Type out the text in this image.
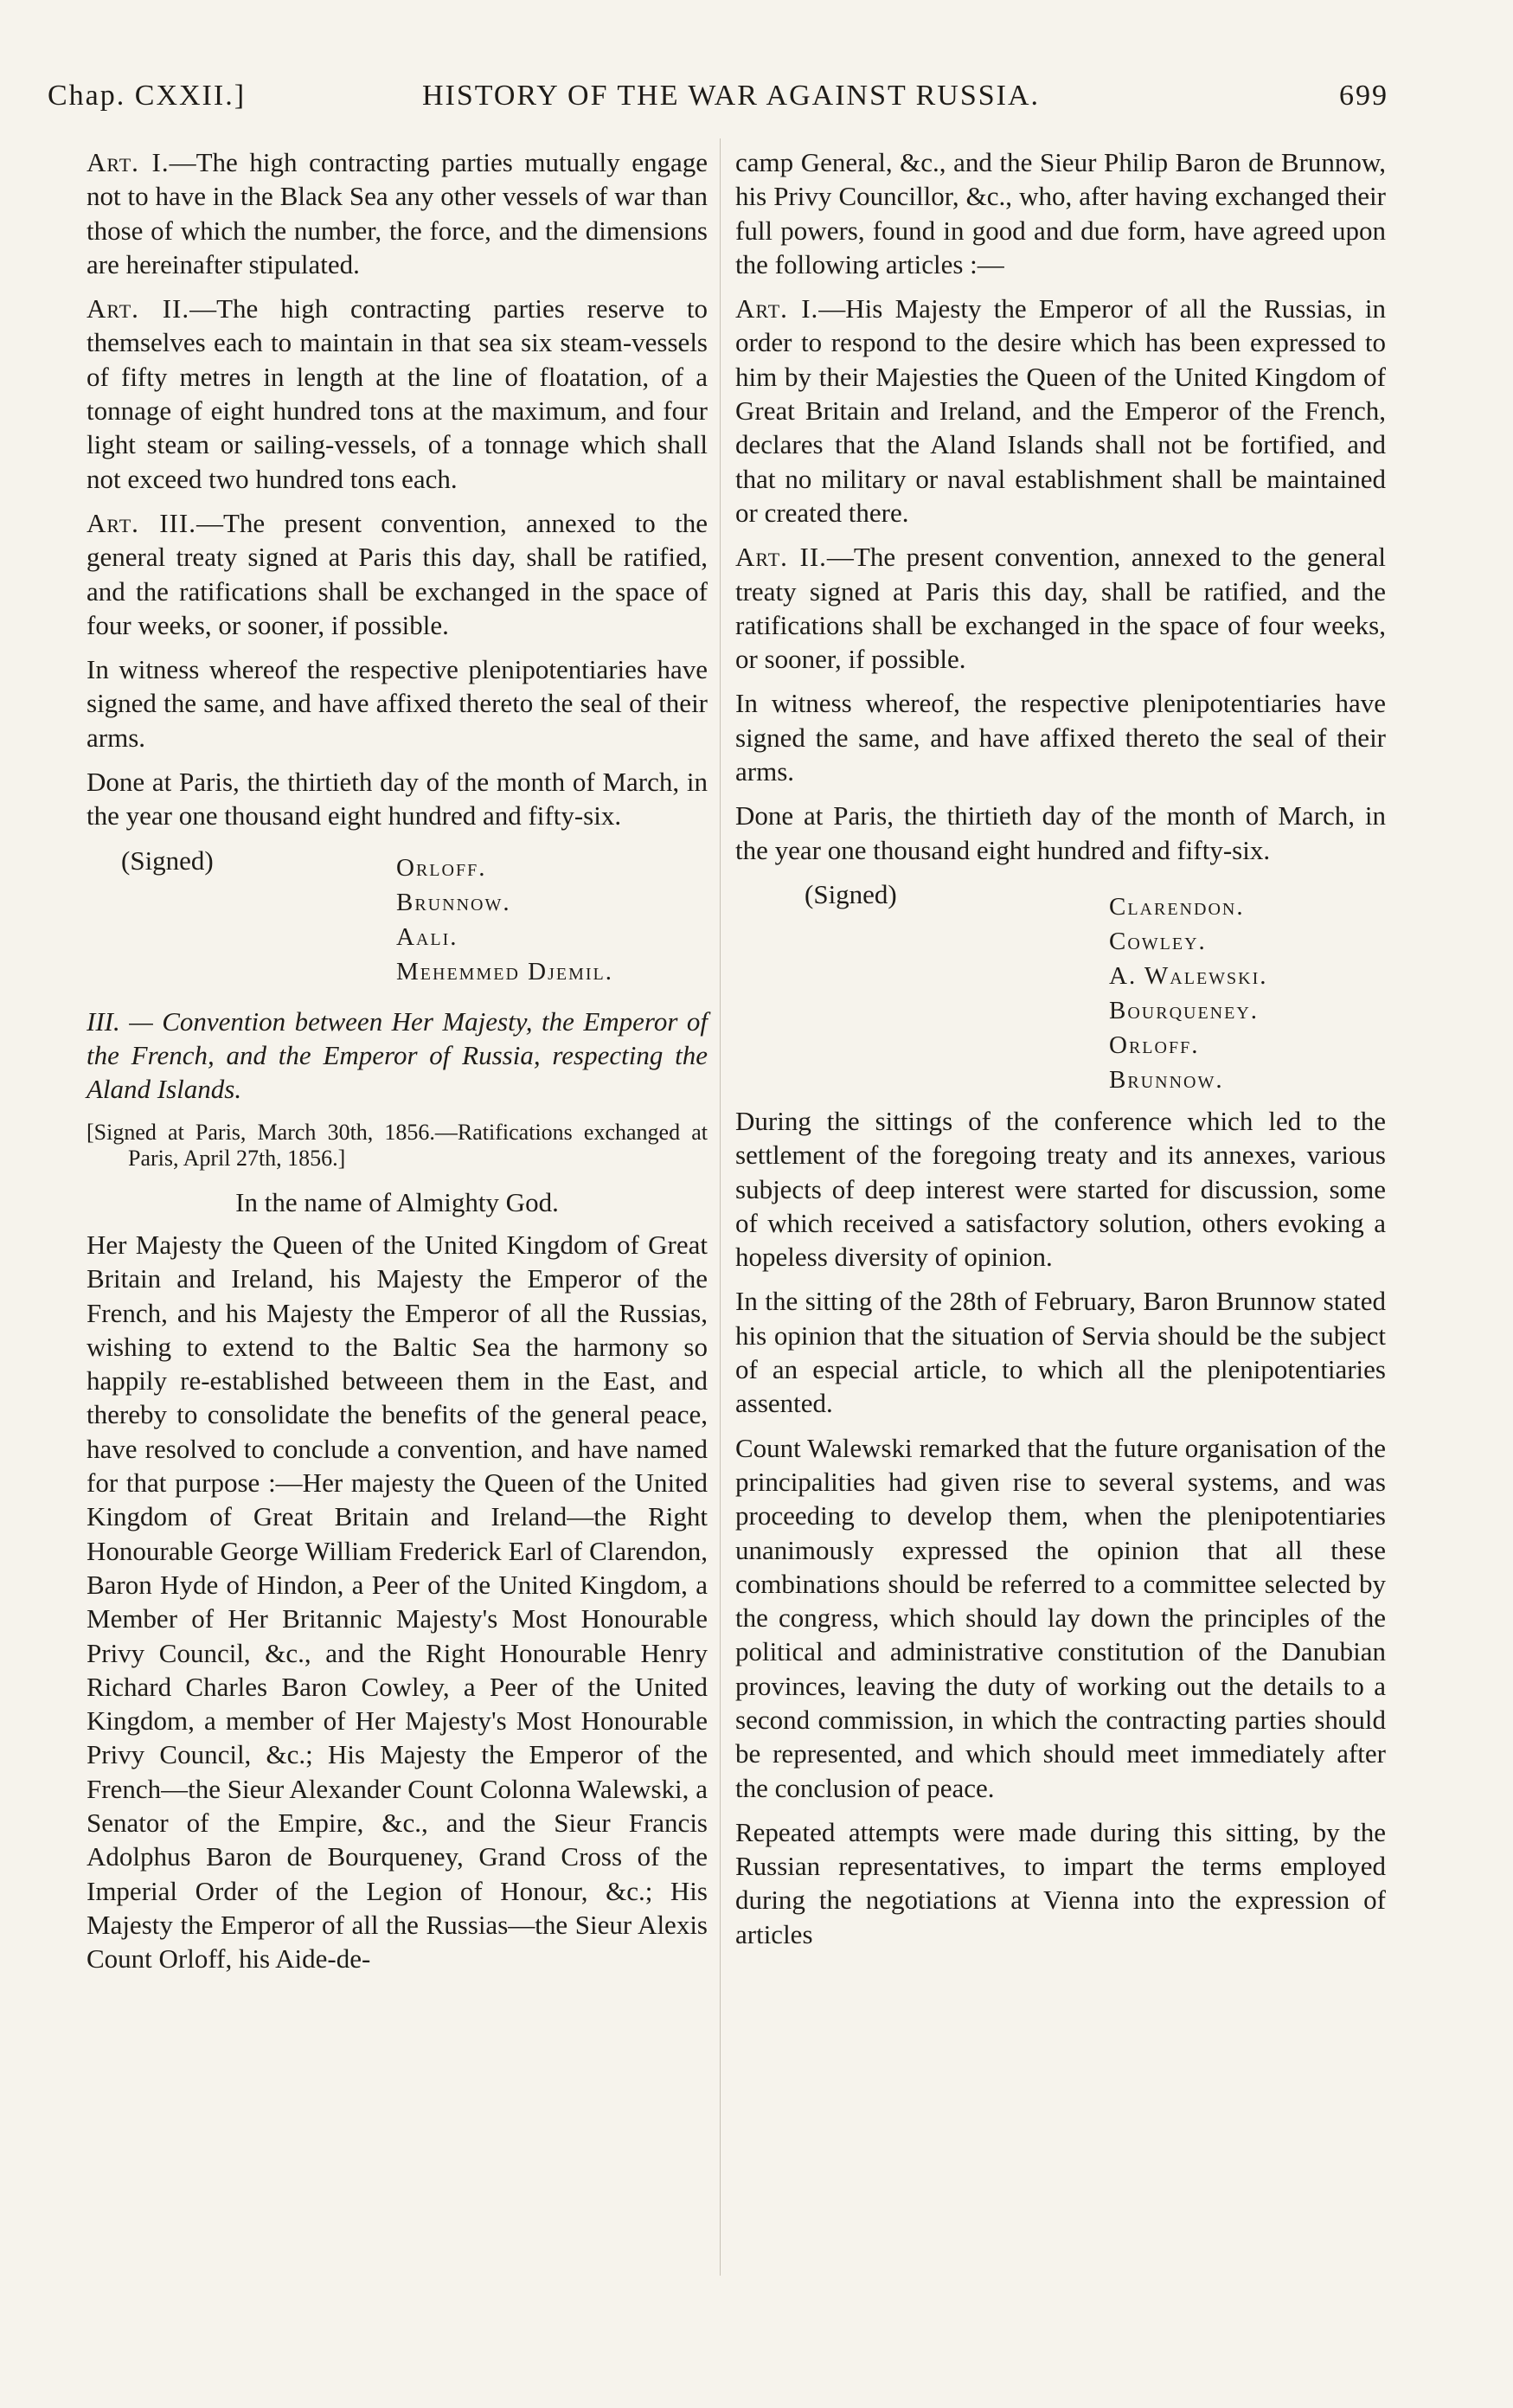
Chap. CXXII.]	HISTORY OF THE WAR AGAINST RUSSIA.	699

Art. I.—The high contracting parties mutually engage not to have in the Black Sea any other vessels of war than those of which the number, the force, and the dimensions are hereinafter stipulated.

Art. II.—The high contracting parties reserve to themselves each to maintain in that sea six steam-vessels of fifty metres in length at the line of floatation, of a tonnage of eight hundred tons at the maximum, and four light steam or sailing-vessels, of a tonnage which shall not exceed two hundred tons each.

Art. III.—The present convention, annexed to the general treaty signed at Paris this day, shall be ratified, and the ratifications shall be exchanged in the space of four weeks, or sooner, if possible.

In witness whereof the respective plenipotentiaries have signed the same, and have affixed thereto the seal of their arms.

Done at Paris, the thirtieth day of the month of March, in the year one thousand eight hundred and fifty-six.

(Signed)	Orloff.
Brunnow.
Aali.
Mehemmed Djemil.

III. — Convention between Her Majesty, the Emperor of the French, and the Emperor of Russia, respecting the Aland Islands.

[Signed at Paris, March 30th, 1856.—Ratifications exchanged at Paris, April 27th, 1856.]

In the name of Almighty God.

Her Majesty the Queen of the United Kingdom of Great Britain and Ireland, his Majesty the Emperor of the French, and his Majesty the Emperor of all the Russias, wishing to extend to the Baltic Sea the harmony so happily re-established betweeen them in the East, and thereby to consolidate the benefits of the general peace, have resolved to conclude a convention, and have named for that purpose :—Her majesty the Queen of the United Kingdom of Great Britain and Ireland—the Right Honourable George William Frederick Earl of Clarendon, Baron Hyde of Hindon, a Peer of the United Kingdom, a Member of Her Britannic Majesty's Most Honourable Privy Council, &c., and the Right Honourable Henry Richard Charles Baron Cowley, a Peer of the United Kingdom, a member of Her Majesty's Most Honourable Privy Council, &c.; His Majesty the Emperor of the French—the Sieur Alexander Count Colonna Walewski, a Senator of the Empire, &c., and the Sieur Francis Adolphus Baron de Bourqueney, Grand Cross of the Imperial Order of the Legion of Honour, &c.; His Majesty the Emperor of all the Russias—the Sieur Alexis Count Orloff, his Aide-de-

camp General, &c., and the Sieur Philip Baron de Brunnow, his Privy Councillor, &c., who, after having exchanged their full powers, found in good and due form, have agreed upon the following articles :—

Art. I.—His Majesty the Emperor of all the Russias, in order to respond to the desire which has been expressed to him by their Majesties the Queen of the United Kingdom of Great Britain and Ireland, and the Emperor of the French, declares that the Aland Islands shall not be fortified, and that no military or naval establishment shall be maintained or created there.

Art. II.—The present convention, annexed to the general treaty signed at Paris this day, shall be ratified, and the ratifications shall be exchanged in the space of four weeks, or sooner, if possible.

In witness whereof, the respective plenipotentiaries have signed the same, and have affixed thereto the seal of their arms.

Done at Paris, the thirtieth day of the month of March, in the year one thousand eight hundred and fifty-six.

(Signed)	Clarendon.
Cowley.
A. Walewski.
Bourqueney.
Orloff.
Brunnow.

During the sittings of the conference which led to the settlement of the foregoing treaty and its annexes, various subjects of deep interest were started for discussion, some of which received a satisfactory solution, others evoking a hopeless diversity of opinion.

In the sitting of the 28th of February, Baron Brunnow stated his opinion that the situation of Servia should be the subject of an especial article, to which all the plenipotentiaries assented.

Count Walewski remarked that the future organisation of the principalities had given rise to several systems, and was proceeding to develop them, when the plenipotentiaries unanimously expressed the opinion that all these combinations should be referred to a committee selected by the congress, which should lay down the principles of the political and administrative constitution of the Danubian provinces, leaving the duty of working out the details to a second commission, in which the contracting parties should be represented, and which should meet immediately after the conclusion of peace.

Repeated attempts were made during this sitting, by the Russian representatives, to impart the terms employed during the negotiations at Vienna into the expression of articles
